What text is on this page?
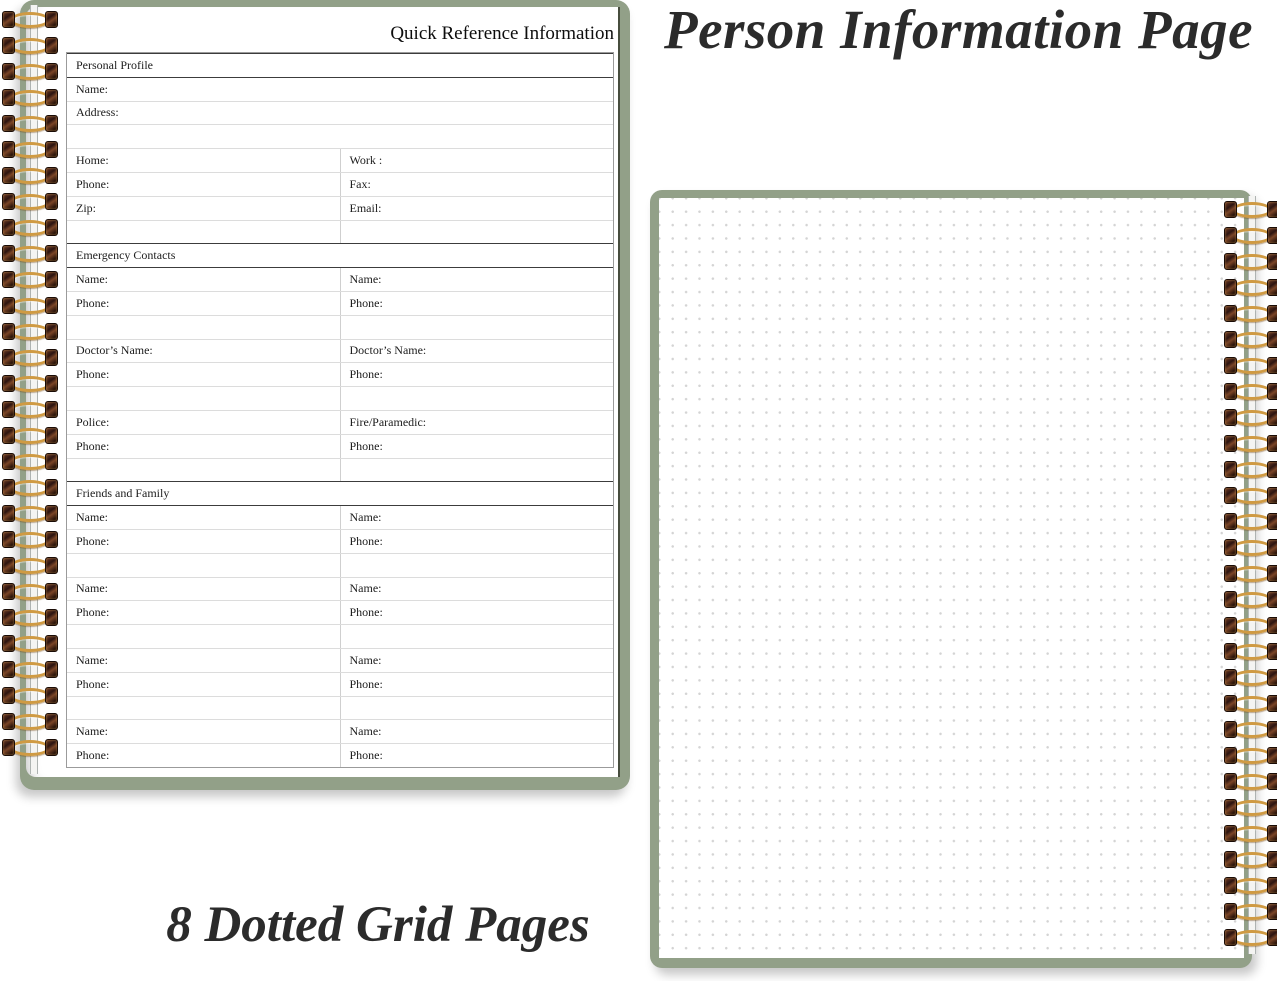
Quick Reference Information
Personal Profile
Name:
Address:
Home:	Work :
Phone:	Fax:
Zip:	Email:
Emergency Contacts
Name:	Name:
Phone:	Phone:
Doctor’s Name:	Doctor’s Name:
Phone:	Phone:
Police:	Fire/Paramedic:
Phone:	Phone:
Friends and Family
Name:	Name:
Phone:	Phone:
Name:	Name:
Phone:	Phone:
Name:	Name:
Phone:	Phone:
Name:	Name:
Phone:	Phone:
Person Information Page
8 Dotted Grid Pages
